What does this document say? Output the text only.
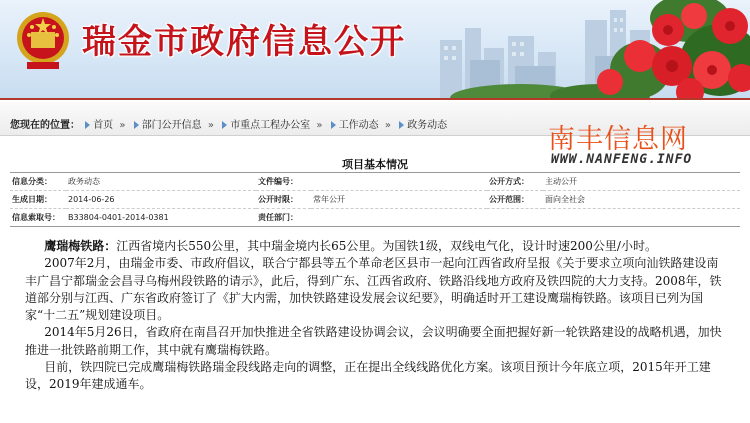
瑞金市政府信息公开
您现在的位置： 首页 » 部门公开信息 » 市重点工程办公室 » 工作动态 » 政务动态	南丰信息网
WWW.NANFENG.INFO
项目基本情况
信息分类：	政务动态	文件编号：		公开方式：	主动公开
生成日期：	2014-06-26	公开时限：	常年公开	公开范围：	面向全社会
信息索取号：	B33804-0401-2014-0381	责任部门：			

鹰瑞梅铁路：江西省境内长550公里，其中瑞金境内长65公里。为国铁1级，双线电气化，设计时速200公里/小时。

2007年2月，由瑞金市委、市政府倡议，联合宁都县等五个革命老区县市一起向江西省政府呈报《关于要求立项向汕铁路建设南丰广昌宁都瑞金会昌寻乌梅州段铁路的请示》，此后，得到广东、江西省政府、铁路沿线地方政府及铁四院的大力支持。2008年，铁道部分别与江西、广东省政府签订了《扩大内需，加快铁路建设发展会议纪要》，明确适时开工建设鹰瑞梅铁路。该项目已列为国家“十二五”规划建设项目。

2014年5月26日，省政府在南昌召开加快推进全省铁路建设协调会议，会议明确要全面把握好新一轮铁路建设的战略机遇，加快推进一批铁路前期工作，其中就有鹰瑞梅铁路。

目前，铁四院已完成鹰瑞梅铁路瑞金段线路走向的调整，正在提出全线线路优化方案。该项目预计今年底立项，2015年开工建设，2019年建成通车。
